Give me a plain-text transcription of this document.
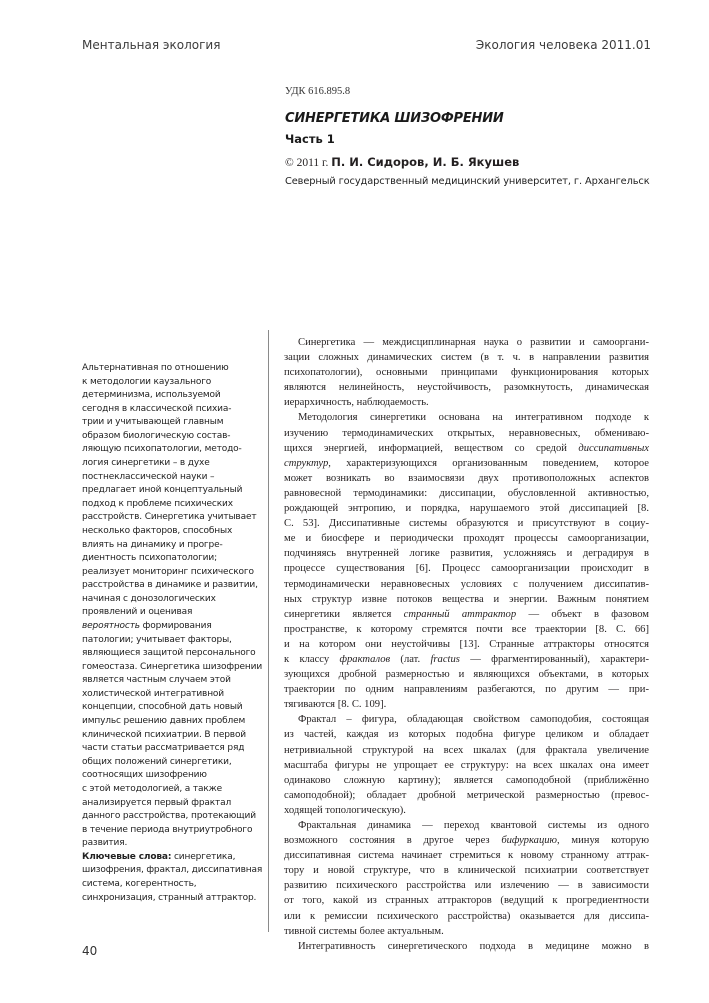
Ментальная экология	Экология человека 2011.01
УДК 616.895.8
СИНЕРГЕТИКА ШИЗОФРЕНИИ
Часть 1
© 2011 г. П. И. Сидоров, И. Б. Якушев
Северный государственный медицинский университет, г. Архангельск
Альтернативная по отношению
к методологии каузального
детерминизма, используемой
сегодня в классической психиа-
трии и учитывающей главным
образом биологическую состав-
ляющую психопатологии, методо-
логия синергетики – в духе
постнеклассической науки –
предлагает иной концептуальный
подход к проблеме психических
расстройств. Синергетика учитывает
несколько факторов, способных
влиять на динамику и прогре-
диентность психопатологии;
реализует мониторинг психического
расстройства в динамике и развитии,
начиная с донозологических
проявлений и оценивая
вероятность формирования
патологии; учитывает факторы,
являющиеся защитой персонального
гомеостаза. Синергетика шизофрении
является частным случаем этой
холистической интегративной
концепции, способной дать новый
импульс решению давних проблем
клинической психиатрии. В первой
части статьи рассматривается ряд
общих положений синергетики,
соотносящих шизофрению
с этой методологией, а также
анализируется первый фрактал
данного расстройства, протекающий
в течение периода внутриутробного
развития.
Ключевые слова: синергетика,
шизофрения, фрактал, диссипативная
система, когерентность,
синхронизация, странный аттрактор.
Синергетика — междисциплинарная наука о развитии и самооргани-
зации сложных динамических систем (в т. ч. в направлении развития
психопатологии), основными принципами функционирования которых
являются нелинейность, неустойчивость, разомкнутость, динамическая
иерархичность, наблюдаемость.
Методология синергетики основана на интегративном подходе к
изучению термодинамических открытых, неравновесных, обменивaю-
щихся энергией, информацией, веществом со средой диссипативных
структур, характеризующихся организованным поведением, которое
может возникать во взаимосвязи двух противоположных аспектов
равновесной термодинамики: диссипации, обусловленной активностью,
рождающей энтропию, и порядка, нарушаемого этой диссипацией [8.
С. 53]. Диссипативные системы образуются и присутствуют в социу-
ме и биосфере и периодически проходят процессы самоорганизации,
подчиняясь внутренней логике развития, усложняясь и деградируя в
процессе существования [6]. Процесс самоорганизации происходит в
термодинамически неравновесных условиях с получением диссипатив-
ных структур извне потоков вещества и энергии. Важным понятием
синергетики является странный аттрактор — объект в фазовом
пространстве, к которому стремятся почти все траектории [8. С. 66]
и на котором они неустойчивы [13]. Странные аттракторы относятся
к классу фракталов (лат. fractus — фрагментированный), характери-
зующихся дробной размерностью и являющихся объектами, в которых
траектории по одним направлениям разбегаются, по другим — при-
тягиваются [8. С. 109].
Фрактал – фигура, обладающая свойством самоподобия, состоящая
из частей, каждая из которых подобна фигуре целиком и обладает
нетривиальной структурой на всех шкалах (для фрактала увеличение
масштаба фигуры не упрощает ее структуру: на всех шкалах она имеет
одинаково сложную картину); является самоподобной (приближённо
самоподобной); обладает дробной метрической размерностью (превос-
ходящей топологическую).
Фрактальная динамика — переход квантовой системы из одного
возможного состояния в другое через бифуркацию, минуя которую
диссипативная система начинает стремиться к новому странному аттрак-
тору и новой структуре, что в клинической психиатрии соответствует
развитию психического расстройства или излечению — в зависимости
от того, какой из странных аттракторов (ведущий к прогредиентности
или к ремиссии психического расстройства) оказывается для диссипа-
тивной системы более актуальным.
Интегративность синергетического подхода в медицине можно в
40
